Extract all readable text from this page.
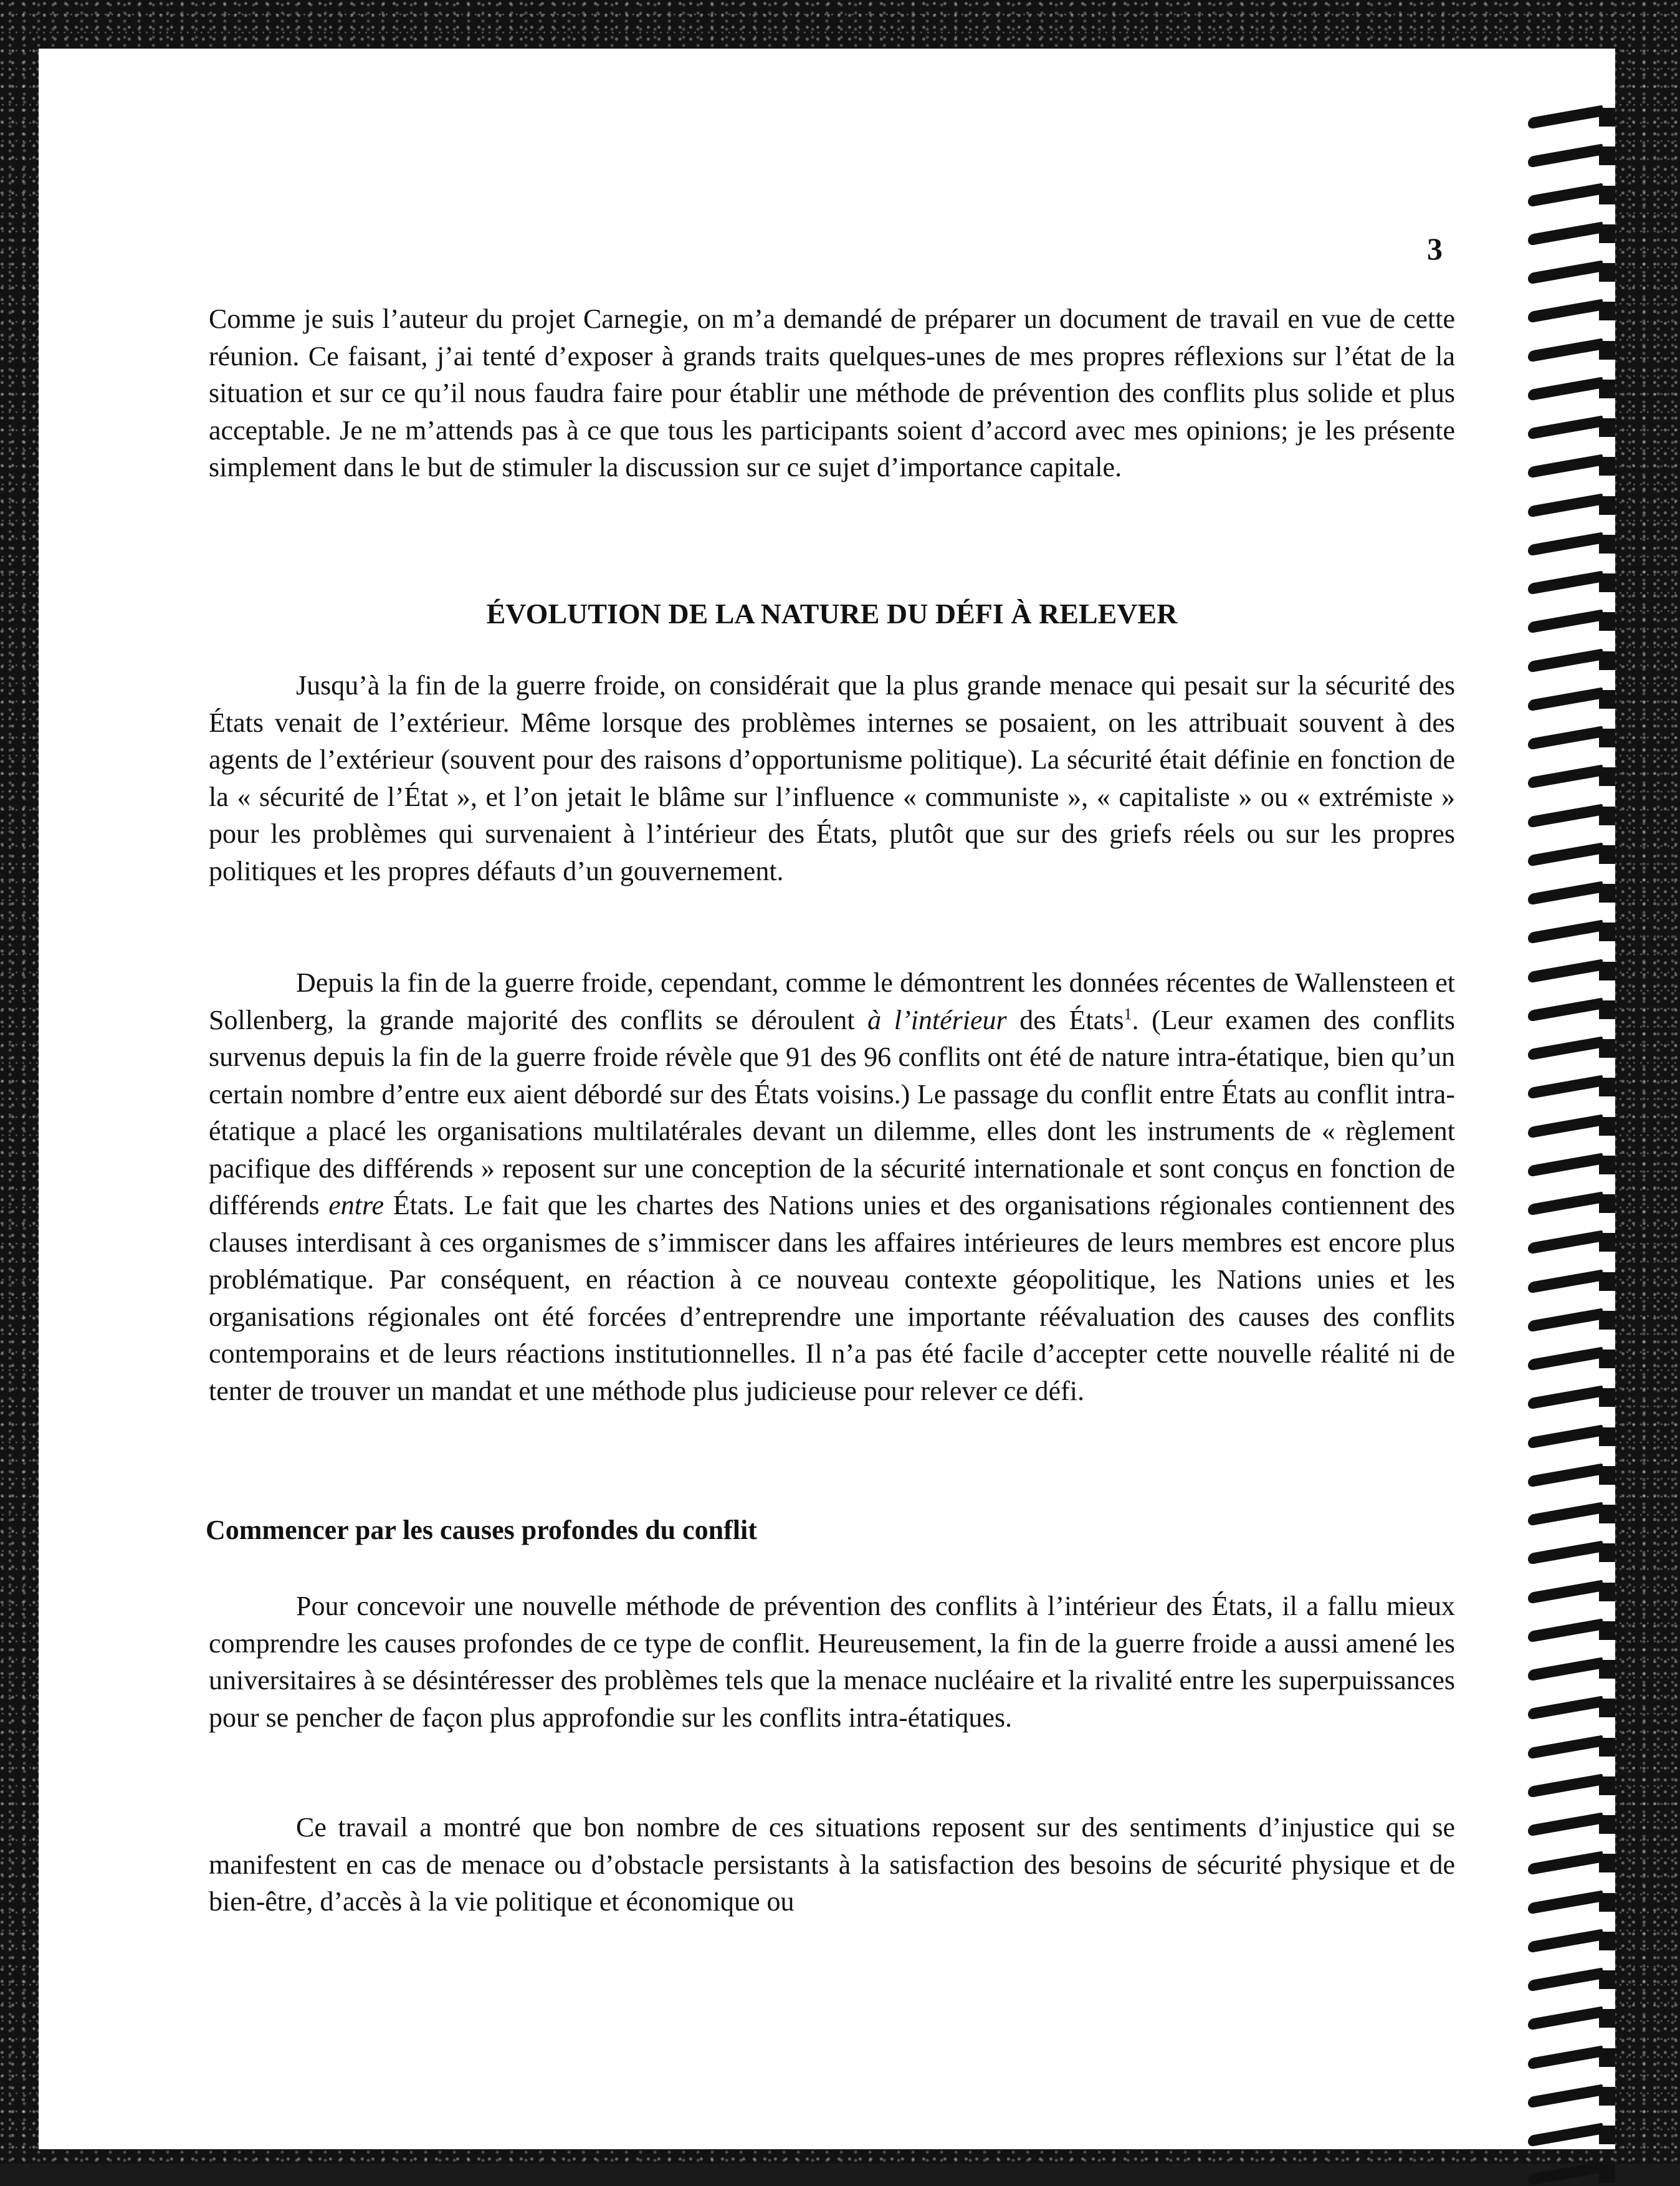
3

Comme je suis l’auteur du projet Carnegie, on m’a demandé de préparer un document de travail en vue de cette réunion. Ce faisant, j’ai tenté d’exposer à grands traits quelques-unes de mes propres réflexions sur l’état de la situation et sur ce qu’il nous faudra faire pour établir une méthode de prévention des conflits plus solide et plus acceptable. Je ne m’attends pas à ce que tous les participants soient d’accord avec mes opinions; je les présente simplement dans le but de stimuler la discussion sur ce sujet d’importance capitale.

ÉVOLUTION DE LA NATURE DU DÉFI À RELEVER

Jusqu’à la fin de la guerre froide, on considérait que la plus grande menace qui pesait sur la sécurité des États venait de l’extérieur. Même lorsque des problèmes internes se posaient, on les attribuait souvent à des agents de l’extérieur (souvent pour des raisons d’opportunisme politique). La sécurité était définie en fonction de la « sécurité de l’État », et l’on jetait le blâme sur l’influence « communiste », « capitaliste » ou « extrémiste » pour les problèmes qui survenaient à l’intérieur des États, plutôt que sur des griefs réels ou sur les propres politiques et les propres défauts d’un gouvernement.

Depuis la fin de la guerre froide, cependant, comme le démontrent les données récentes de Wallensteen et Sollenberg, la grande majorité des conflits se déroulent à l’intérieur des États$^1$. (Leur examen des conflits survenus depuis la fin de la guerre froide révèle que 91 des 96 conflits ont été de nature intra-étatique, bien qu’un certain nombre d’entre eux aient débordé sur des États voisins.) Le passage du conflit entre États au conflit intra-étatique a placé les organisations multilatérales devant un dilemme, elles dont les instruments de « règlement pacifique des différends » reposent sur une conception de la sécurité internationale et sont conçus en fonction de différends entre États. Le fait que les chartes des Nations unies et des organisations régionales contiennent des clauses interdisant à ces organismes de s’immiscer dans les affaires intérieures de leurs membres est encore plus problématique. Par conséquent, en réaction à ce nouveau contexte géopolitique, les Nations unies et les organisations régionales ont été forcées d’entreprendre une importante réévaluation des causes des conflits contemporains et de leurs réactions institutionnelles. Il n’a pas été facile d’accepter cette nouvelle réalité ni de tenter de trouver un mandat et une méthode plus judicieuse pour relever ce défi.

Commencer par les causes profondes du conflit

Pour concevoir une nouvelle méthode de prévention des conflits à l’intérieur des États, il a fallu mieux comprendre les causes profondes de ce type de conflit. Heureusement, la fin de la guerre froide a aussi amené les universitaires à se désintéresser des problèmes tels que la menace nucléaire et la rivalité entre les superpuissances pour se pencher de façon plus approfondie sur les conflits intra-étatiques.

Ce travail a montré que bon nombre de ces situations reposent sur des sentiments d’injustice qui se manifestent en cas de menace ou d’obstacle persistants à la satisfaction des besoins de sécurité physique et de bien-être, d’accès à la vie politique et économique ou
